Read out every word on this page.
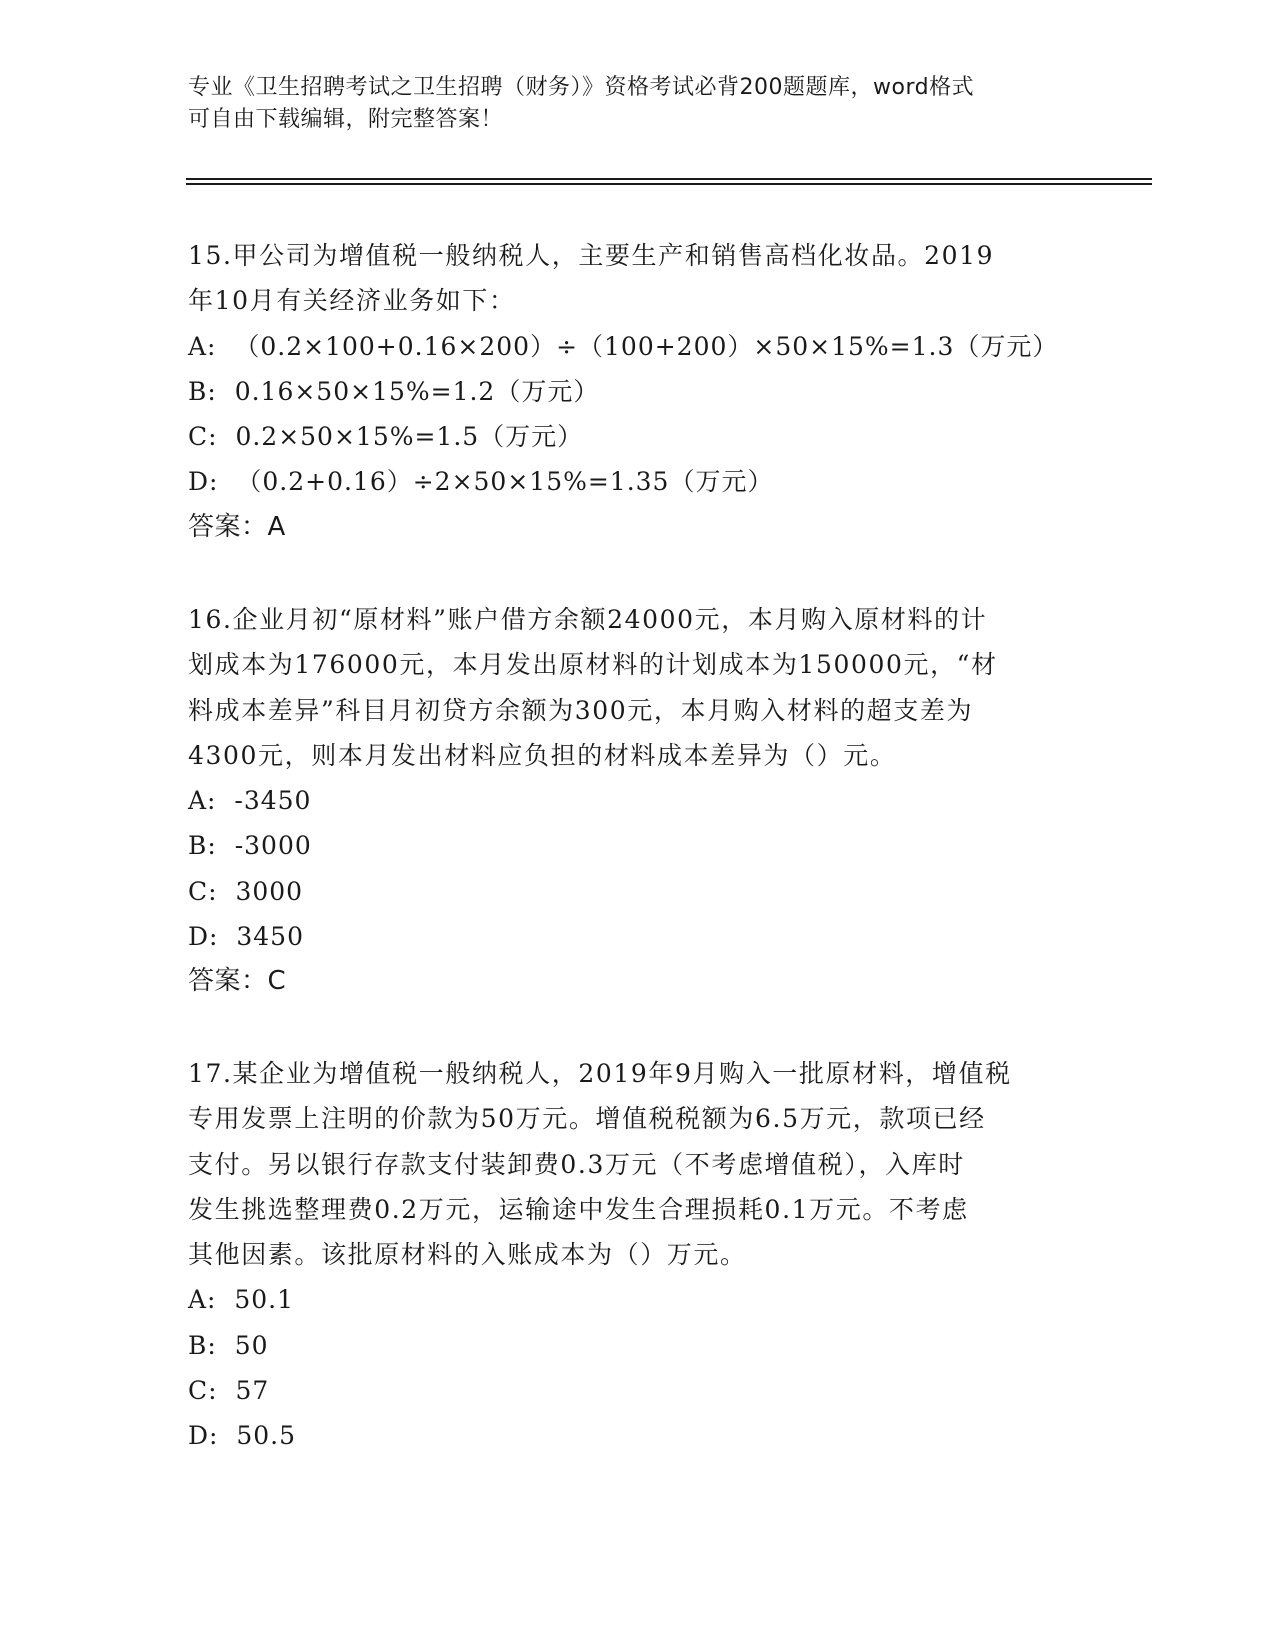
专业《卫生招聘考试之卫生招聘（财务）》资格考试必背200题题库，word格式
可自由下载编辑，附完整答案！

15.甲公司为增值税一般纳税人，主要生产和销售高档化妆品。2019

年10月有关经济业务如下：

A:  （0.2×100+0.16×200）÷（100+200）×50×15%=1.3（万元）

B:  0.16×50×15%=1.2（万元）

C:  0.2×50×15%=1.5（万元）

D:  （0.2+0.16）÷2×50×15%=1.35（万元）

答案：A

16.企业月初“原材料”账户借方余额24000元，本月购入原材料的计

划成本为176000元，本月发出原材料的计划成本为150000元，“材

料成本差异”科目月初贷方余额为300元，本月购入材料的超支差为

4300元，则本月发出材料应负担的材料成本差异为（）元。

A:  -3450

B:  -3000

C:  3000

D:  3450

答案：C

17.某企业为增值税一般纳税人，2019年9月购入一批原材料，增值税

专用发票上注明的价款为50万元。增值税税额为6.5万元，款项已经

支付。另以银行存款支付装卸费0.3万元（不考虑增值税），入库时

发生挑选整理费0.2万元，运输途中发生合理损耗0.1万元。不考虑

其他因素。该批原材料的入账成本为（）万元。

A:  50.1

B:  50

C:  57

D:  50.5
